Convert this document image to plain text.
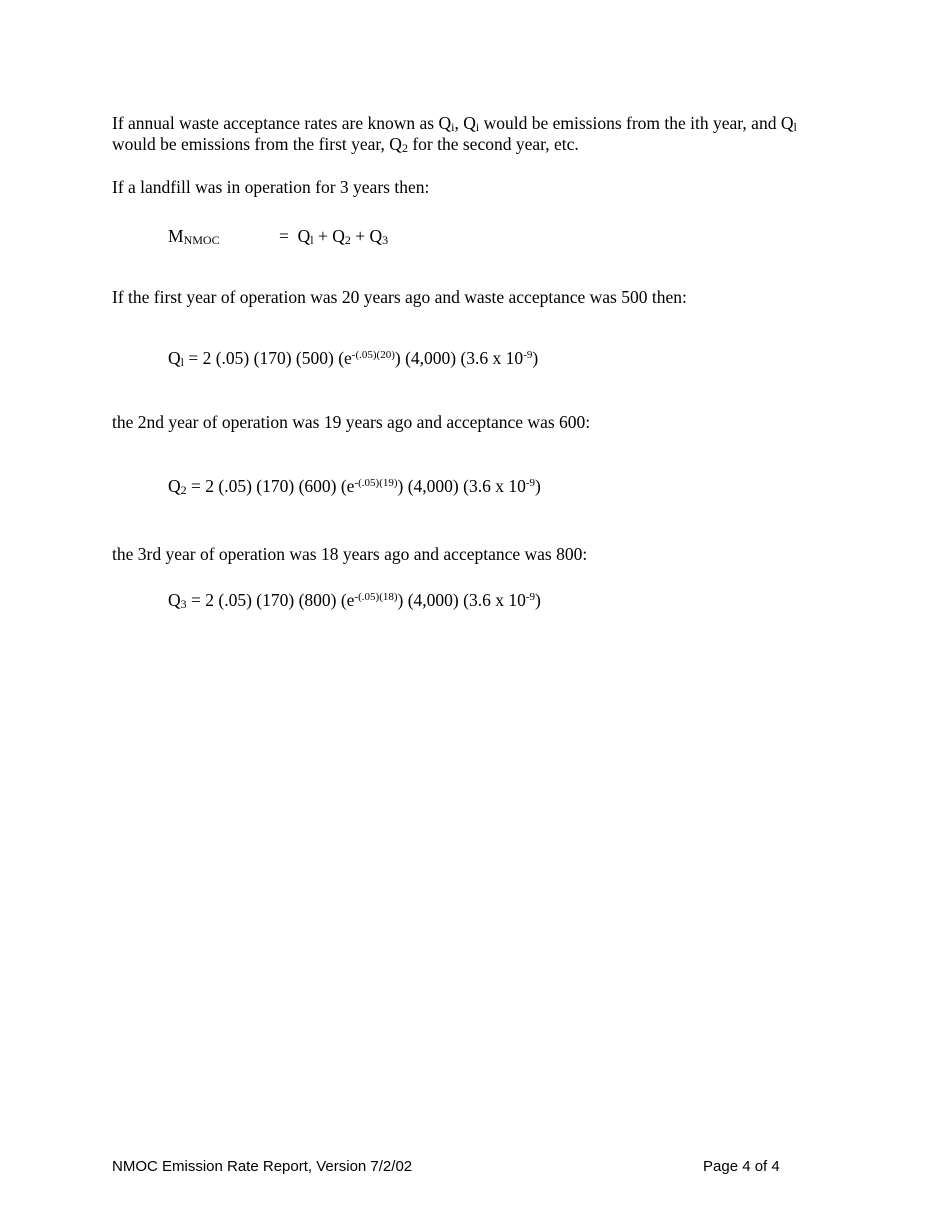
If annual waste acceptance rates are known as Qi, Qi would be emissions from the ith year, and Ql
would be emissions from the first year, Q2 for the second year, etc.
If a landfill was in operation for 3 years then:
MNMOC	= Ql + Q2 + Q3
If the first year of operation was 20 years ago and waste acceptance was 500 then:
Ql = 2 (.05) (170) (500) $(e^{-(.05)(20)})$ (4,000) (3.6 x $10^{-9}$)
the 2nd year of operation was 19 years ago and acceptance was 600:
Q2 = 2 (.05) (170) (600) $(e^{-(.05)(19)})$ (4,000) (3.6 x $10^{-9}$)
the 3rd year of operation was 18 years ago and acceptance was 800:
Q3 = 2 (.05) (170) (800) $(e^{-(.05)(18)})$ (4,000) (3.6 x $10^{-9}$)
NMOC Emission Rate Report, Version 7/2/02	Page 4 of 4
